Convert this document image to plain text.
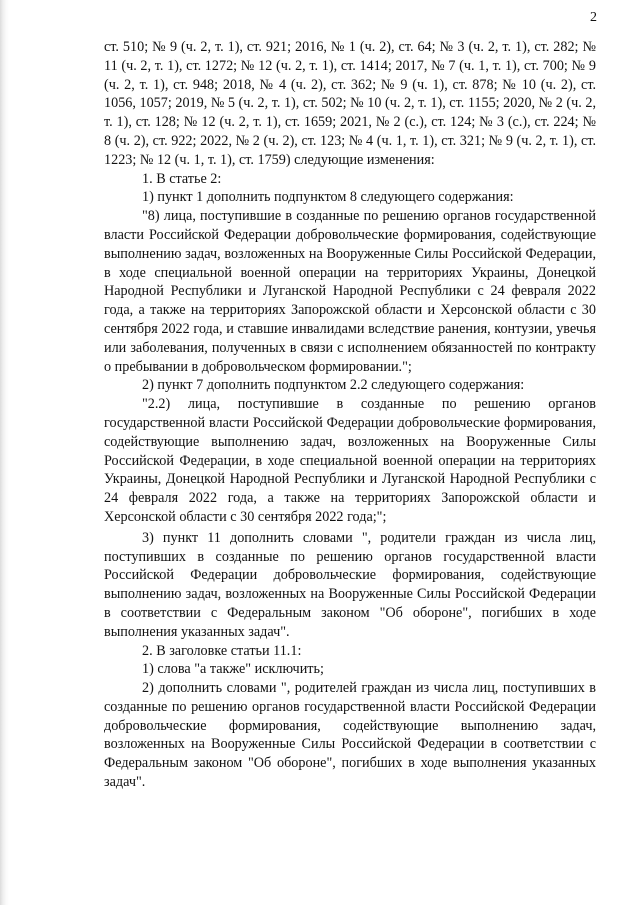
2

ст. 510; № 9 (ч. 2, т. 1), ст. 921; 2016, № 1 (ч. 2), ст. 64; № 3 (ч. 2, т. 1), ст. 282; № 11 (ч. 2, т. 1), ст. 1272; № 12 (ч. 2, т. 1), ст. 1414; 2017, № 7 (ч. 1, т. 1), ст. 700; № 9 (ч. 2, т. 1), ст. 948; 2018, № 4 (ч. 2), ст. 362; № 9 (ч. 1), ст. 878; № 10 (ч. 2), ст. 1056, 1057; 2019, № 5 (ч. 2, т. 1), ст. 502; № 10 (ч. 2, т. 1), ст. 1155; 2020, № 2 (ч. 2, т. 1), ст. 128; № 12 (ч. 2, т. 1), ст. 1659; 2021, № 2 (с.), ст. 124; № 3 (с.), ст. 224; № 8 (ч. 2), ст. 922; 2022, № 2 (ч. 2), ст. 123; № 4 (ч. 1, т. 1), ст. 321; № 9 (ч. 2, т. 1), ст. 1223; № 12 (ч. 1, т. 1), ст. 1759) следующие изменения:

1. В статье 2:

1) пункт 1 дополнить подпунктом 8 следующего содержания:

"8) лица, поступившие в созданные по решению органов государственной власти Российской Федерации добровольческие формирования, содействующие выполнению задач, возложенных на Вооруженные Силы Российской Федерации, в ходе специальной военной операции на территориях Украины, Донецкой Народной Республики и Луганской Народной Республики с 24 февраля 2022 года, а также на территориях Запорожской области и Херсонской области с 30 сентября 2022 года, и ставшие инвалидами вследствие ранения, контузии, увечья или заболевания, полученных в связи с исполнением обязанностей по контракту о пребывании в добровольческом формировании.";

2) пункт 7 дополнить подпунктом 2.2 следующего содержания:

"2.2) лица, поступившие в созданные по решению органов государственной власти Российской Федерации добровольческие формирования, содействующие выполнению задач, возложенных на Вооруженные Силы Российской Федерации, в ходе специальной военной операции на территориях Украины, Донецкой Народной Республики и Луганской Народной Республики с 24 февраля 2022 года, а также на территориях Запорожской области и Херсонской области с 30 сентября 2022 года;";

3) пункт 11 дополнить словами ", родители граждан из числа лиц, поступивших в созданные по решению органов государственной власти Российской Федерации добровольческие формирования, содействующие выполнению задач, возложенных на Вооруженные Силы Российской Федерации в соответствии с Федеральным законом "Об обороне", погибших в ходе выполнения указанных задач".

2. В заголовке статьи 11.1:

1) слова "а также" исключить;

2) дополнить словами ", родителей граждан из числа лиц, поступивших в созданные по решению органов государственной власти Российской Федерации добровольческие формирования, содействующие выполнению задач, возложенных на Вооруженные Силы Российской Федерации в соответствии с Федеральным законом "Об обороне", погибших в ходе выполнения указанных задач".
